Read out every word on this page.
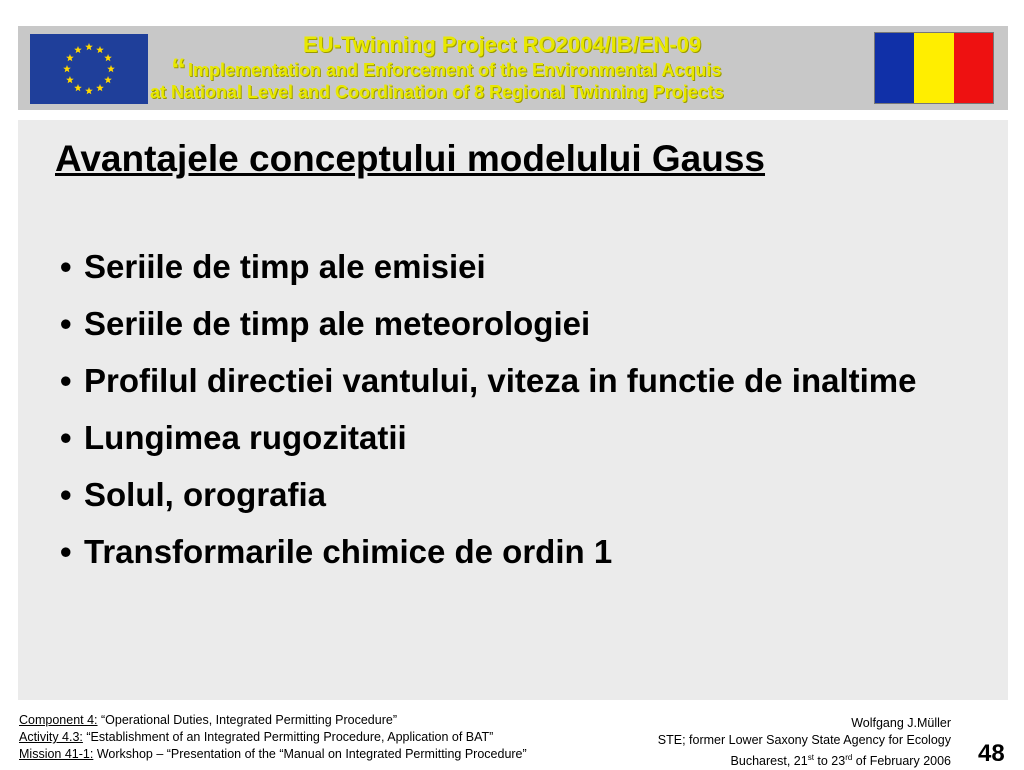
EU-Twinning Project RO2004/IB/EN-09
“ Implementation and Enforcement of the Environmental Acquis
at National Level and Coordination of 8 Regional Twinning Projects
Avantajele conceptului modelului Gauss
• Seriile de timp ale emisiei
• Seriile de timp ale meteorologiei
• Profilul directiei vantului, viteza in functie de inaltime
• Lungimea rugozitatii
• Solul, orografia
• Transformarile chimice de ordin 1
Component 4: “Operational Duties, Integrated Permitting Procedure”
Activity 4.3: “Establishment of an Integrated Permitting Procedure, Application of BAT”
Mission 41-1: Workshop – “Presentation of the “Manual on Integrated Permitting Procedure”
Wolfgang J.Müller
STE; former Lower Saxony State Agency for Ecology
Bucharest, 21st to 23rd of February 2006 48
